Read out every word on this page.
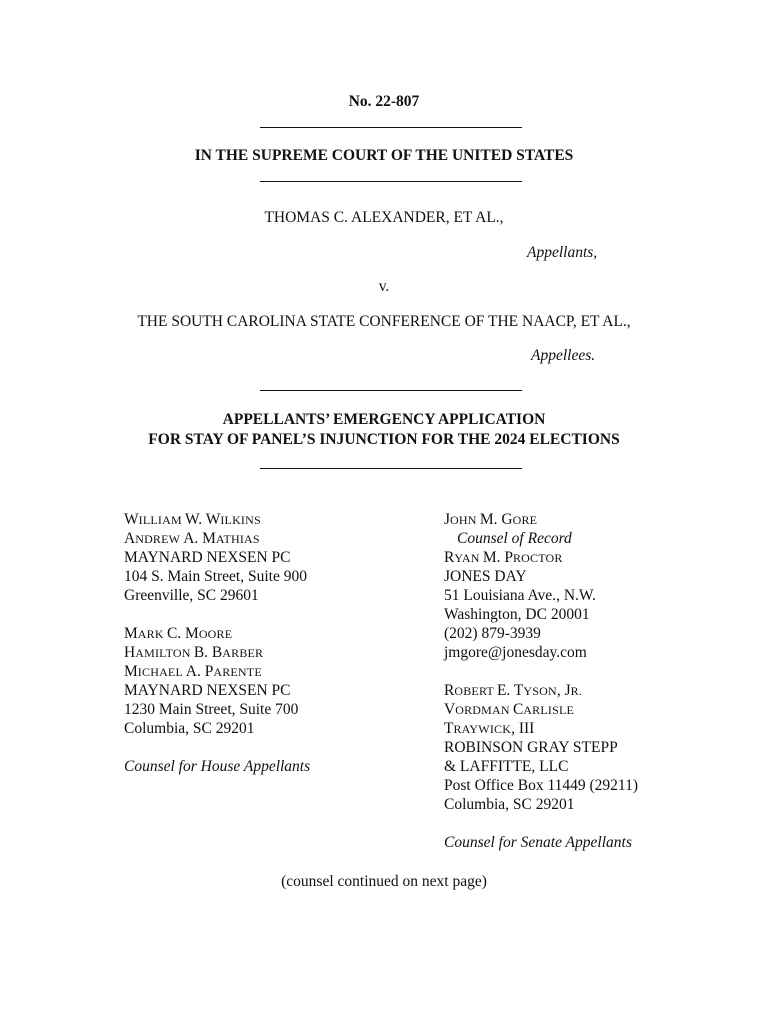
No. 22-807
IN THE SUPREME COURT OF THE UNITED STATES
THOMAS C. ALEXANDER, ET AL.,
Appellants,
v.
THE SOUTH CAROLINA STATE CONFERENCE OF THE NAACP, ET AL.,
Appellees.
APPELLANTS’ EMERGENCY APPLICATION
FOR STAY OF PANEL’S INJUNCTION FOR THE 2024 ELECTIONS
WILLIAM W. WILKINS
ANDREW A. MATHIAS
MAYNARD NEXSEN PC
104 S. Main Street, Suite 900
Greenville, SC 29601
MARK C. MOORE
HAMILTON B. BARBER
MICHAEL A. PARENTE
MAYNARD NEXSEN PC
1230 Main Street, Suite 700
Columbia, SC 29201
Counsel for House Appellants
JOHN M. GORE
Counsel of Record
RYAN M. PROCTOR
JONES DAY
51 Louisiana Ave., N.W.
Washington, DC 20001
(202) 879-3939
jmgore@jonesday.com
ROBERT E. TYSON, JR.
VORDMAN CARLISLE
TRAYWICK, III
ROBINSON GRAY STEPP
& LAFFITTE, LLC
Post Office Box 11449 (29211)
Columbia, SC 29201
Counsel for Senate Appellants
(counsel continued on next page)
